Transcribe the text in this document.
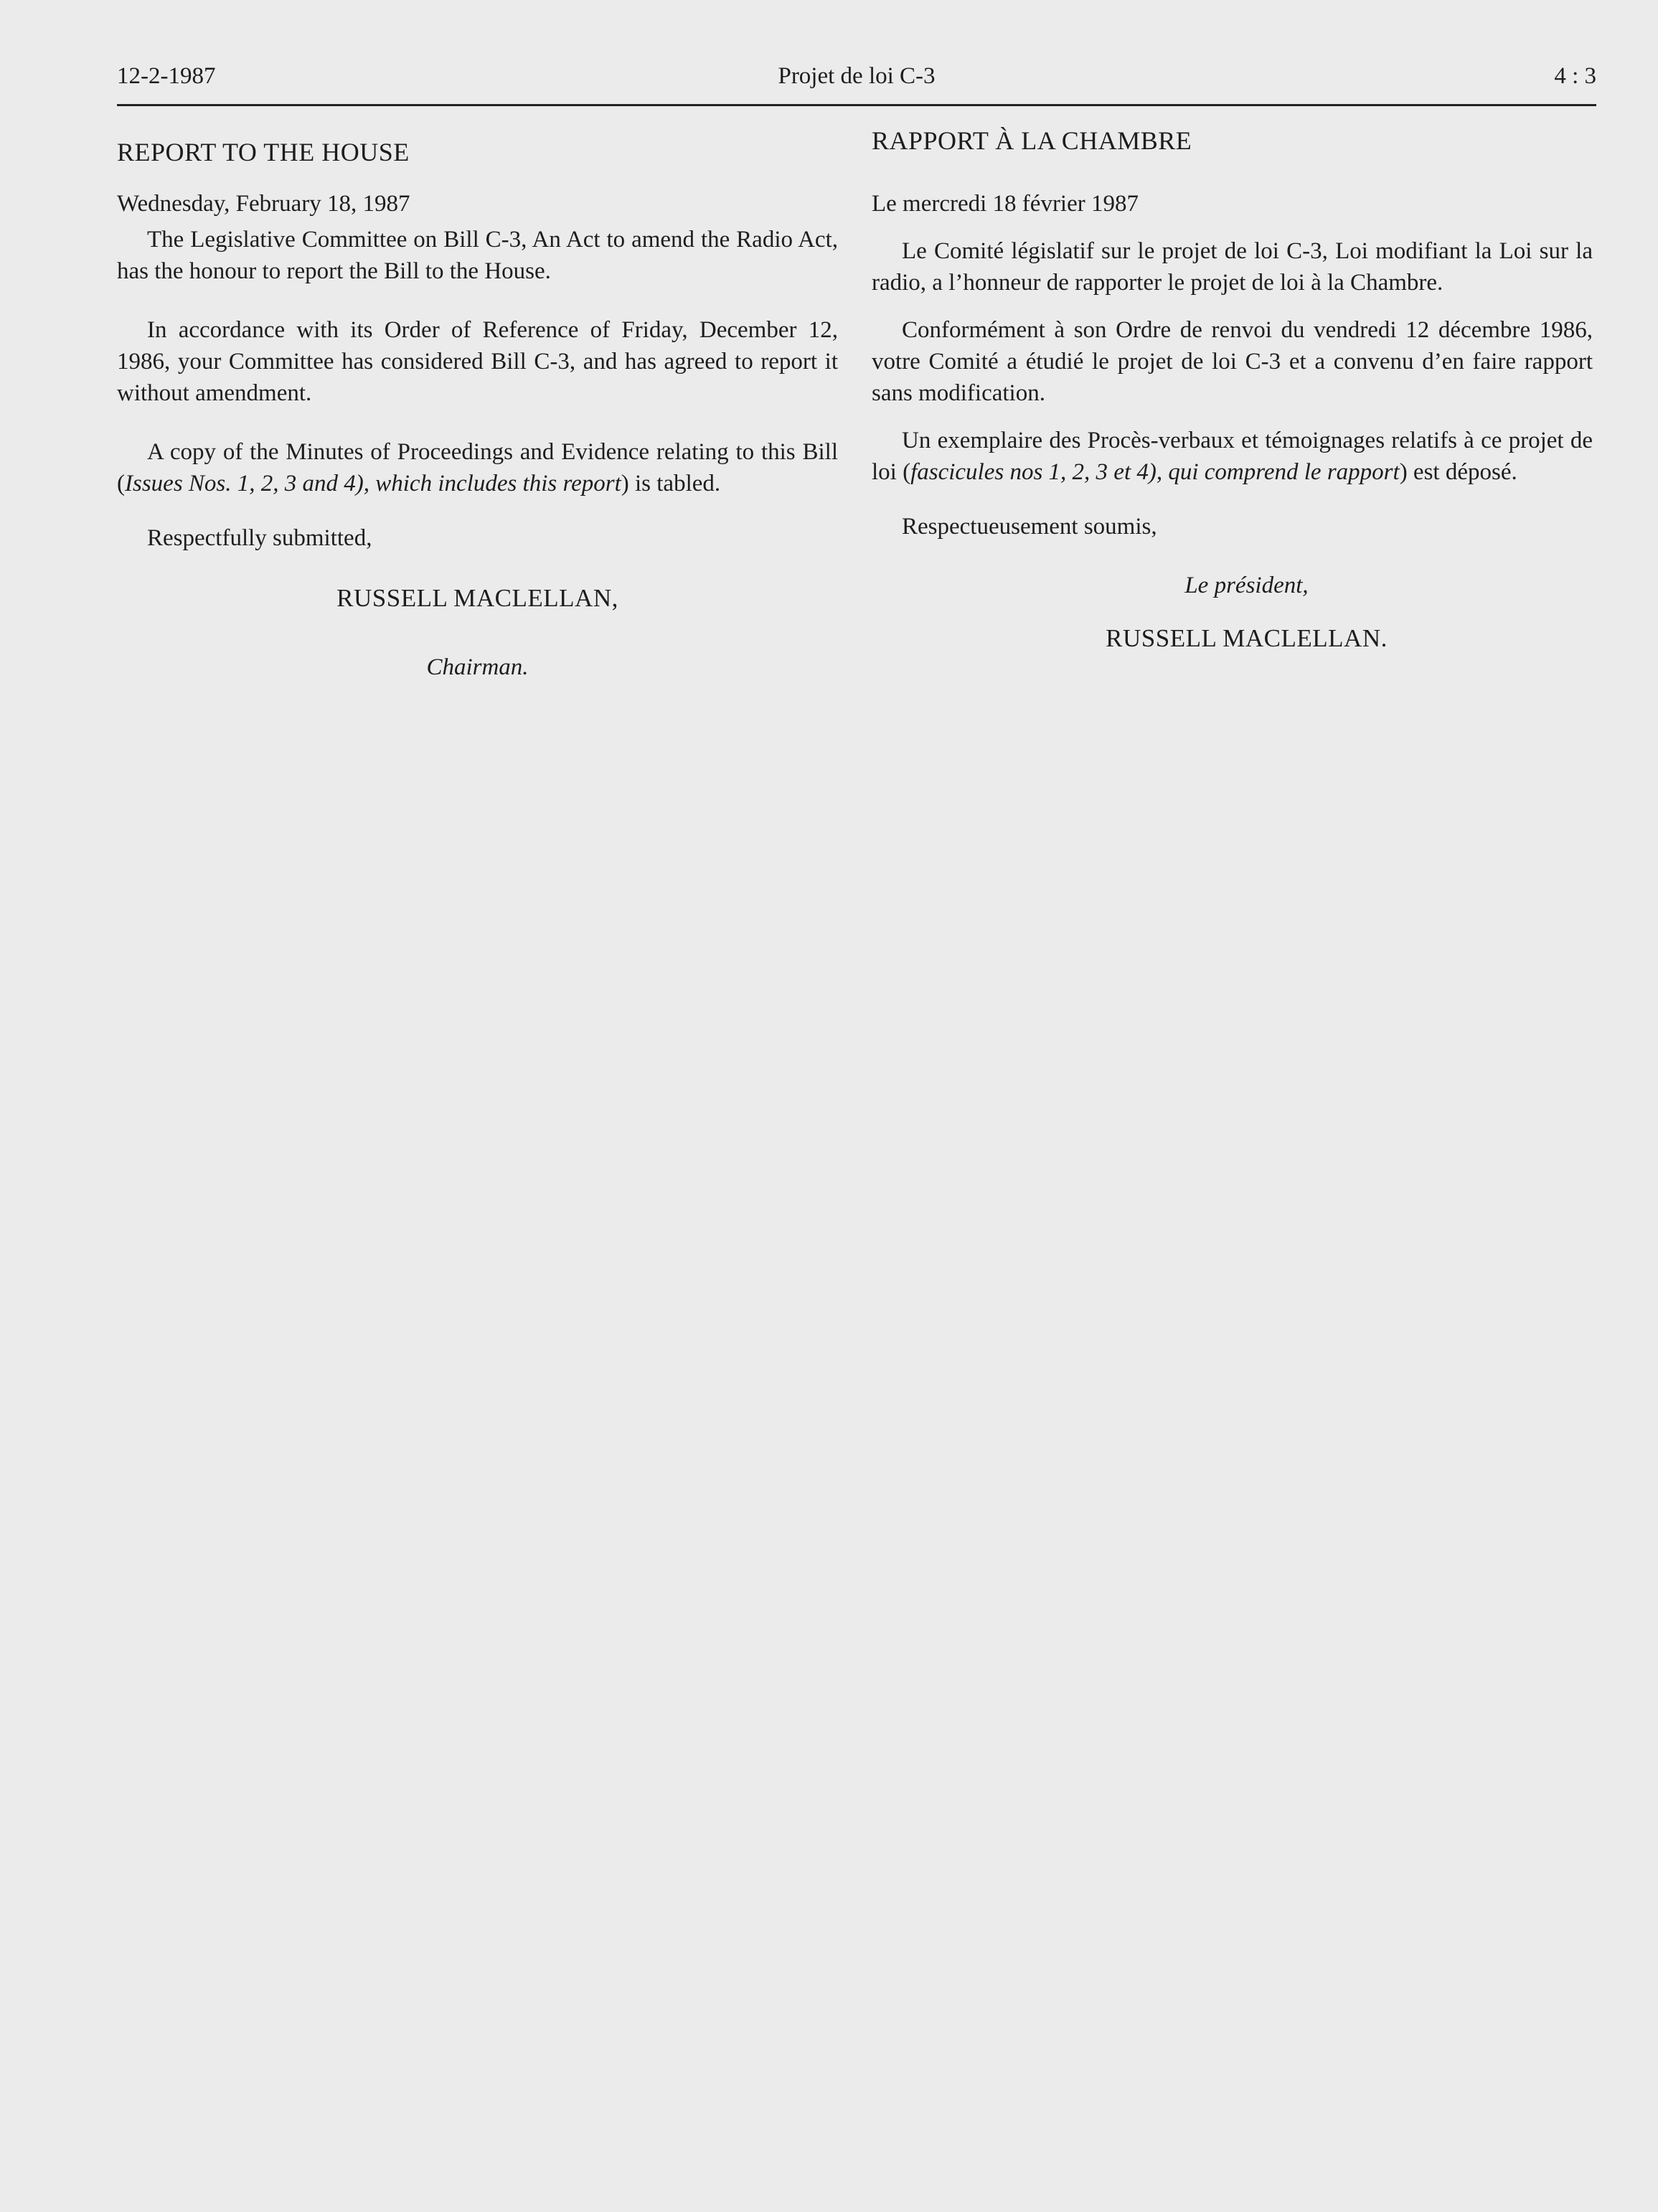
12-2-1987	Projet de loi C-3	4 : 3

REPORT TO THE HOUSE

Wednesday, February 18, 1987

The Legislative Committee on Bill C-3, An Act to amend the Radio Act, has the honour to report the Bill to the House.

In accordance with its Order of Reference of Friday, December 12, 1986, your Committee has considered Bill C-3, and has agreed to report it without amendment.

A copy of the Minutes of Proceedings and Evidence relating to this Bill (Issues Nos. 1, 2, 3 and 4), which includes this report) is tabled.

Respectfully submitted,

RUSSELL MACLELLAN,

Chairman.

RAPPORT À LA CHAMBRE

Le mercredi 18 février 1987

Le Comité législatif sur le projet de loi C-3, Loi modifiant la Loi sur la radio, a l’honneur de rapporter le projet de loi à la Chambre.

Conformément à son Ordre de renvoi du vendredi 12 décembre 1986, votre Comité a étudié le projet de loi C-3 et a convenu d’en faire rapport sans modification.

Un exemplaire des Procès-verbaux et témoignages relatifs à ce projet de loi (fascicules nos 1, 2, 3 et 4), qui comprend le rapport) est déposé.

Respectueusement soumis,

Le président,

RUSSELL MACLELLAN.
